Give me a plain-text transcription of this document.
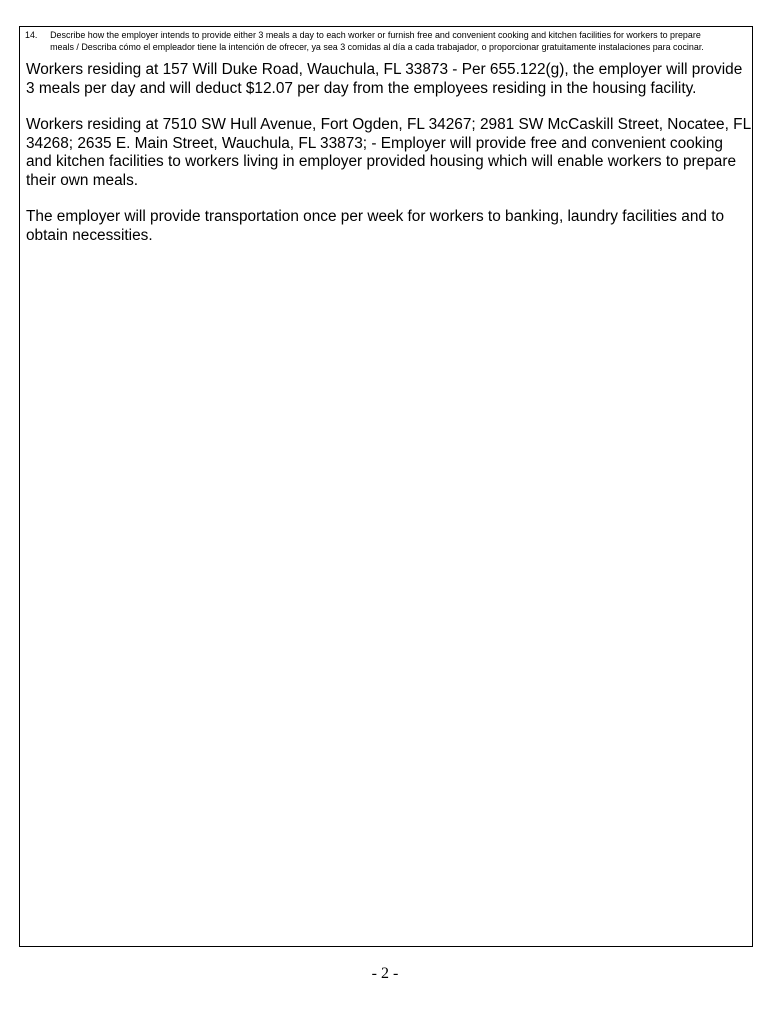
14. Describe how the employer intends to provide either 3 meals a day to each worker or furnish free and convenient cooking and kitchen facilities for workers to prepare
meals / Describa cómo el empleador tiene la intención de ofrecer, ya sea 3 comidas al día a cada trabajador, o proporcionar gratuitamente instalaciones para cocinar.

Workers residing at 157 Will Duke Road, Wauchula, FL 33873 - Per 655.122(g), the employer will provide 3 meals per day and will deduct $12.07 per day from the employees residing in the housing facility.

Workers residing at 7510 SW Hull Avenue, Fort Ogden, FL 34267; 2981 SW McCaskill Street, Nocatee, FL 34268; 2635 E. Main Street, Wauchula, FL 33873; - Employer will provide free and convenient cooking and kitchen facilities to workers living in employer provided housing which will enable workers to prepare their own meals.

The employer will provide transportation once per week for workers to banking, laundry facilities and to obtain necessities.

- 2 -
